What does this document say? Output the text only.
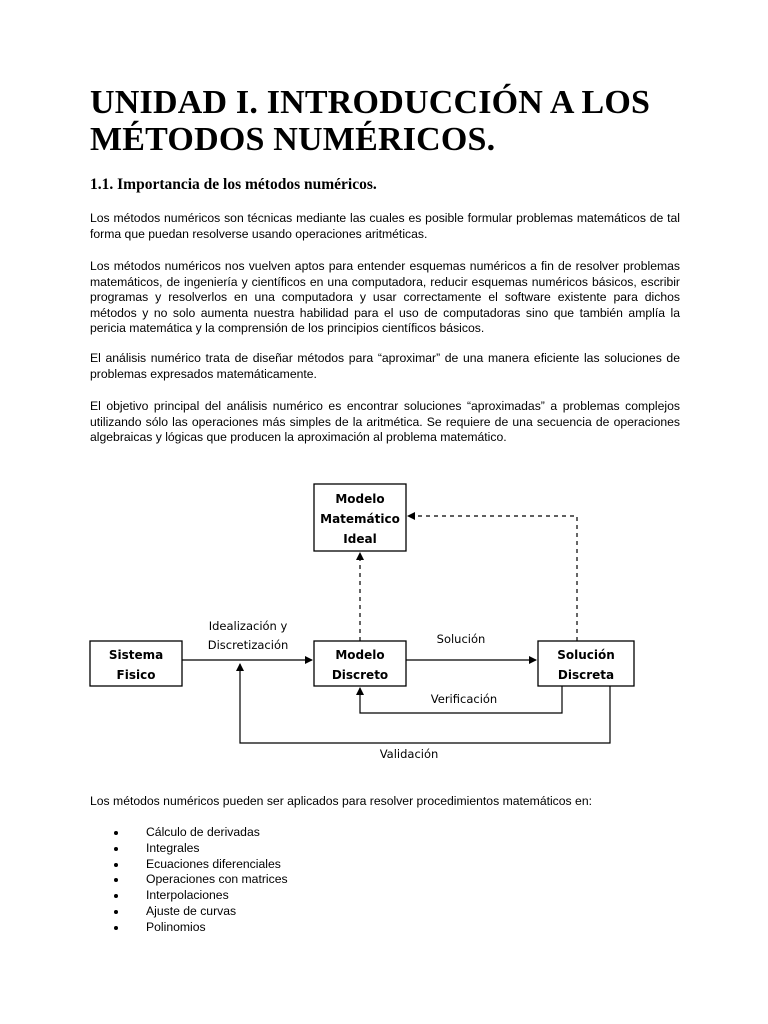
UNIDAD I. INTRODUCCIÓN A LOS MÉTODOS NUMÉRICOS.
1.1. Importancia de los métodos numéricos.

Los métodos numéricos son técnicas mediante las cuales es posible formular problemas matemáticos de tal forma que puedan resolverse usando operaciones aritméticas.

Los métodos numéricos nos vuelven aptos para entender esquemas numéricos a fin de resolver problemas matemáticos, de ingeniería y científicos en una computadora, reducir esquemas numéricos básicos, escribir programas y resolverlos en una computadora y usar correctamente el software existente para dichos métodos y no solo aumenta nuestra habilidad para el uso de computadoras sino que también amplía la pericia matemática y la comprensión de los principios científicos básicos.

El análisis numérico trata de diseñar métodos para “aproximar” de una manera eficiente las soluciones de problemas expresados matemáticamente.

El objetivo principal del análisis numérico es encontrar soluciones “aproximadas” a problemas complejos utilizando sólo las operaciones más simples de la aritmética. Se requiere de una secuencia de operaciones algebraicas y lógicas que producen la aproximación al problema matemático.

Modelo
Matemático
Ideal
Sistema
Fisico
Modelo
Discreto
Solución
Discreta
Idealización y
Discretización	Solución
Verificación
Validación

Los métodos numéricos pueden ser aplicados para resolver procedimientos matemáticos en:

Cálculo de derivadas
Integrales
Ecuaciones diferenciales
Operaciones con matrices
Interpolaciones
Ajuste de curvas
Polinomios
